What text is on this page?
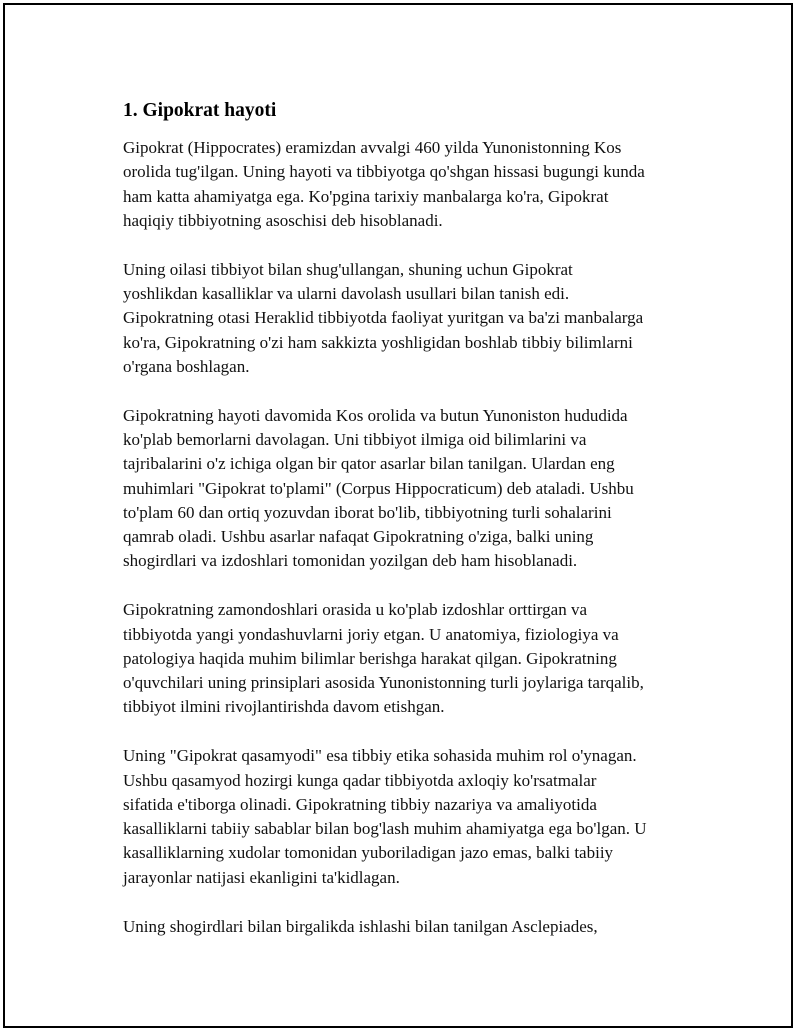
1. Gipokrat hayoti

Gipokrat (Hippocrates) eramizdan avvalgi 460 yilda Yunonistonning Kos
orolida tug'ilgan. Uning hayoti va tibbiyotga qo'shgan hissasi bugungi kunda
ham katta ahamiyatga ega. Ko'pgina tarixiy manbalarga ko'ra, Gipokrat
haqiqiy tibbiyotning asoschisi deb hisoblanadi.

Uning oilasi tibbiyot bilan shug'ullangan, shuning uchun Gipokrat
yoshlikdan kasalliklar va ularni davolash usullari bilan tanish edi.
Gipokratning otasi Heraklid tibbiyotda faoliyat yuritgan va ba'zi manbalarga
ko'ra, Gipokratning o'zi ham sakkizta yoshligidan boshlab tibbiy bilimlarni
o'rgana boshlagan.

Gipokratning hayoti davomida Kos orolida va butun Yunoniston hududida
ko'plab bemorlarni davolagan. Uni tibbiyot ilmiga oid bilimlarini va
tajribalarini o'z ichiga olgan bir qator asarlar bilan tanilgan. Ulardan eng
muhimlari "Gipokrat to'plami" (Corpus Hippocraticum) deb ataladi. Ushbu
to'plam 60 dan ortiq yozuvdan iborat bo'lib, tibbiyotning turli sohalarini
qamrab oladi. Ushbu asarlar nafaqat Gipokratning o'ziga, balki uning
shogirdlari va izdoshlari tomonidan yozilgan deb ham hisoblanadi.

Gipokratning zamondoshlari orasida u ko'plab izdoshlar orttirgan va
tibbiyotda yangi yondashuvlarni joriy etgan. U anatomiya, fiziologiya va
patologiya haqida muhim bilimlar berishga harakat qilgan. Gipokratning
o'quvchilari uning prinsiplari asosida Yunonistonning turli joylariga tarqalib,
tibbiyot ilmini rivojlantirishda davom etishgan.

Uning "Gipokrat qasamyodi" esa tibbiy etika sohasida muhim rol o'ynagan.
Ushbu qasamyod hozirgi kunga qadar tibbiyotda axloqiy ko'rsatmalar
sifatida e'tiborga olinadi. Gipokratning tibbiy nazariya va amaliyotida
kasalliklarni tabiiy sabablar bilan bog'lash muhim ahamiyatga ega bo'lgan. U
kasalliklarning xudolar tomonidan yuboriladigan jazo emas, balki tabiiy
jarayonlar natijasi ekanligini ta'kidlagan.

Uning shogirdlari bilan birgalikda ishlashi bilan tanilgan Asclepiades,
